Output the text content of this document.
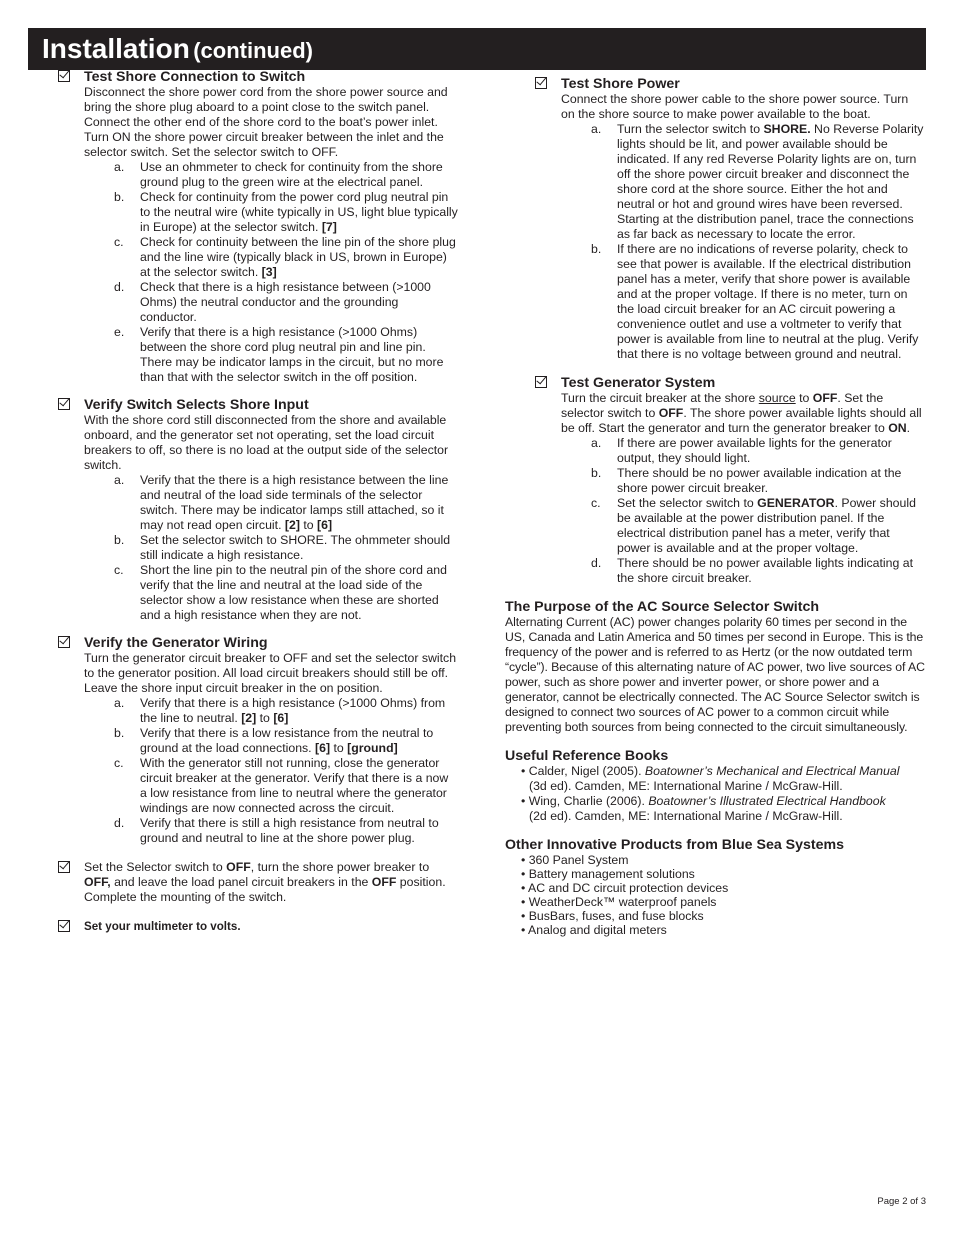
Installation (continued)
Test Shore Connection to Switch

Disconnect the shore power cord from the shore power source and bring the shore plug aboard to a point close to the switch panel. Connect the other end of the shore cord to the boat’s power inlet. Turn ON the shore power circuit breaker between the inlet and the selector switch. Set the selector switch to OFF.

a. Use an ohmmeter to check for continuity from the shore ground plug to the green wire at the electrical panel.
b. Check for continuity from the power cord plug neutral pin to the neutral wire (white typically in US, light blue typically in Europe) at the selector switch. [7]
c. Check for continuity between the line pin of the shore plug and the line wire (typically black in US, brown in Europe) at the selector switch. [3]
d. Check that there is a high resistance between (>1000 Ohms) the neutral conductor and the grounding conductor.
e. Verify that there is a high resistance (>1000 Ohms) between the shore cord plug neutral pin and line pin. There may be indicator lamps in the circuit, but no more than that with the selector switch in the off position.
Verify Switch Selects Shore Input

With the shore cord still disconnected from the shore and available onboard, and the generator set not operating, set the load circuit breakers to off, so there is no load at the output side of the selector switch.

a. Verify that the there is a high resistance between the line and neutral of the load side terminals of the selector switch. There may be indicator lamps still attached, so it may not read open circuit. [2] to [6]
b. Set the selector switch to SHORE. The ohmmeter should still indicate a high resistance.
c. Short the line pin to the neutral pin of the shore cord and verify that the line and neutral at the load side of the selector show a low resistance when these are shorted and a high resistance when they are not.
Verify the Generator Wiring

Turn the generator circuit breaker to OFF and set the selector switch to the generator position. All load circuit breakers should still be off. Leave the shore input circuit breaker in the on position.

a. Verify that there is a high resistance (>1000 Ohms) from the line to neutral. [2] to [6]
b. Verify that there is a low resistance from the neutral to ground at the load connections. [6] to [ground]
c. With the generator still not running, close the generator circuit breaker at the generator. Verify that there is a now a low resistance from line to neutral where the generator windings are now connected across the circuit.
d. Verify that there is still a high resistance from neutral to ground and neutral to line at the shore power plug.

Set the Selector switch to OFF, turn the shore power breaker to OFF, and leave the load panel circuit breakers in the OFF position. Complete the mounting of the switch.

Set your multimeter to volts.

Test Shore Power

Connect the shore power cable to the shore power source. Turn on the shore source to make power available to the boat.

a. Turn the selector switch to SHORE. No Reverse Polarity lights should be lit, and power available should be indicated. If any red Reverse Polarity lights are on, turn off the shore power circuit breaker and disconnect the shore cord at the shore source. Either the hot and neutral or hot and ground wires have been reversed. Starting at the distribution panel, trace the connections as far back as necessary to locate the error.
b. If there are no indications of reverse polarity, check to see that power is available. If the electrical distribution panel has a meter, verify that shore power is available and at the proper voltage. If there is no meter, turn on the load circuit breaker for an AC circuit powering a convenience outlet and use a voltmeter to verify that power is available from line to neutral at the plug. Verify that there is no voltage between ground and neutral.
Test Generator System

Turn the circuit breaker at the shore source to OFF. Set the selector switch to OFF. The shore power available lights should all be off. Start the generator and turn the generator breaker to ON.

a. If there are power available lights for the generator output, they should light.
b. There should be no power available indication at the shore power circuit breaker.
c. Set the selector switch to GENERATOR. Power should be available at the power distribution panel. If the electrical distribution panel has a meter, verify that power is available and at the proper voltage.
d. There should be no power available lights indicating at the shore circuit breaker.

The Purpose of the AC Source Selector Switch

Alternating Current (AC) power changes polarity 60 times per second in the US, Canada and Latin America and 50 times per second in Europe. This is the frequency of the power and is referred to as Hertz (or the now outdated term “cycle”). Because of this alternating nature of AC power, two live sources of AC power, such as shore power and inverter power, or shore power and a generator, cannot be electrically connected. The AC Source Selector switch is designed to connect two sources of AC power to a common circuit while preventing both sources from being connected to the circuit simultaneously.

Useful Reference Books

• Calder, Nigel (2005). Boatowner’s Mechanical and Electrical Manual
(3d ed). Camden, ME: International Marine / McGraw-Hill.
• Wing, Charlie (2006). Boatowner’s Illustrated Electrical Handbook
(2d ed). Camden, ME: International Marine / McGraw-Hill.

Other Innovative Products from Blue Sea Systems

• 360 Panel System
• Battery management solutions
• AC and DC circuit protection devices
• WeatherDeck™ waterproof panels
• BusBars, fuses, and fuse blocks
• Analog and digital meters
Page 2 of 3
